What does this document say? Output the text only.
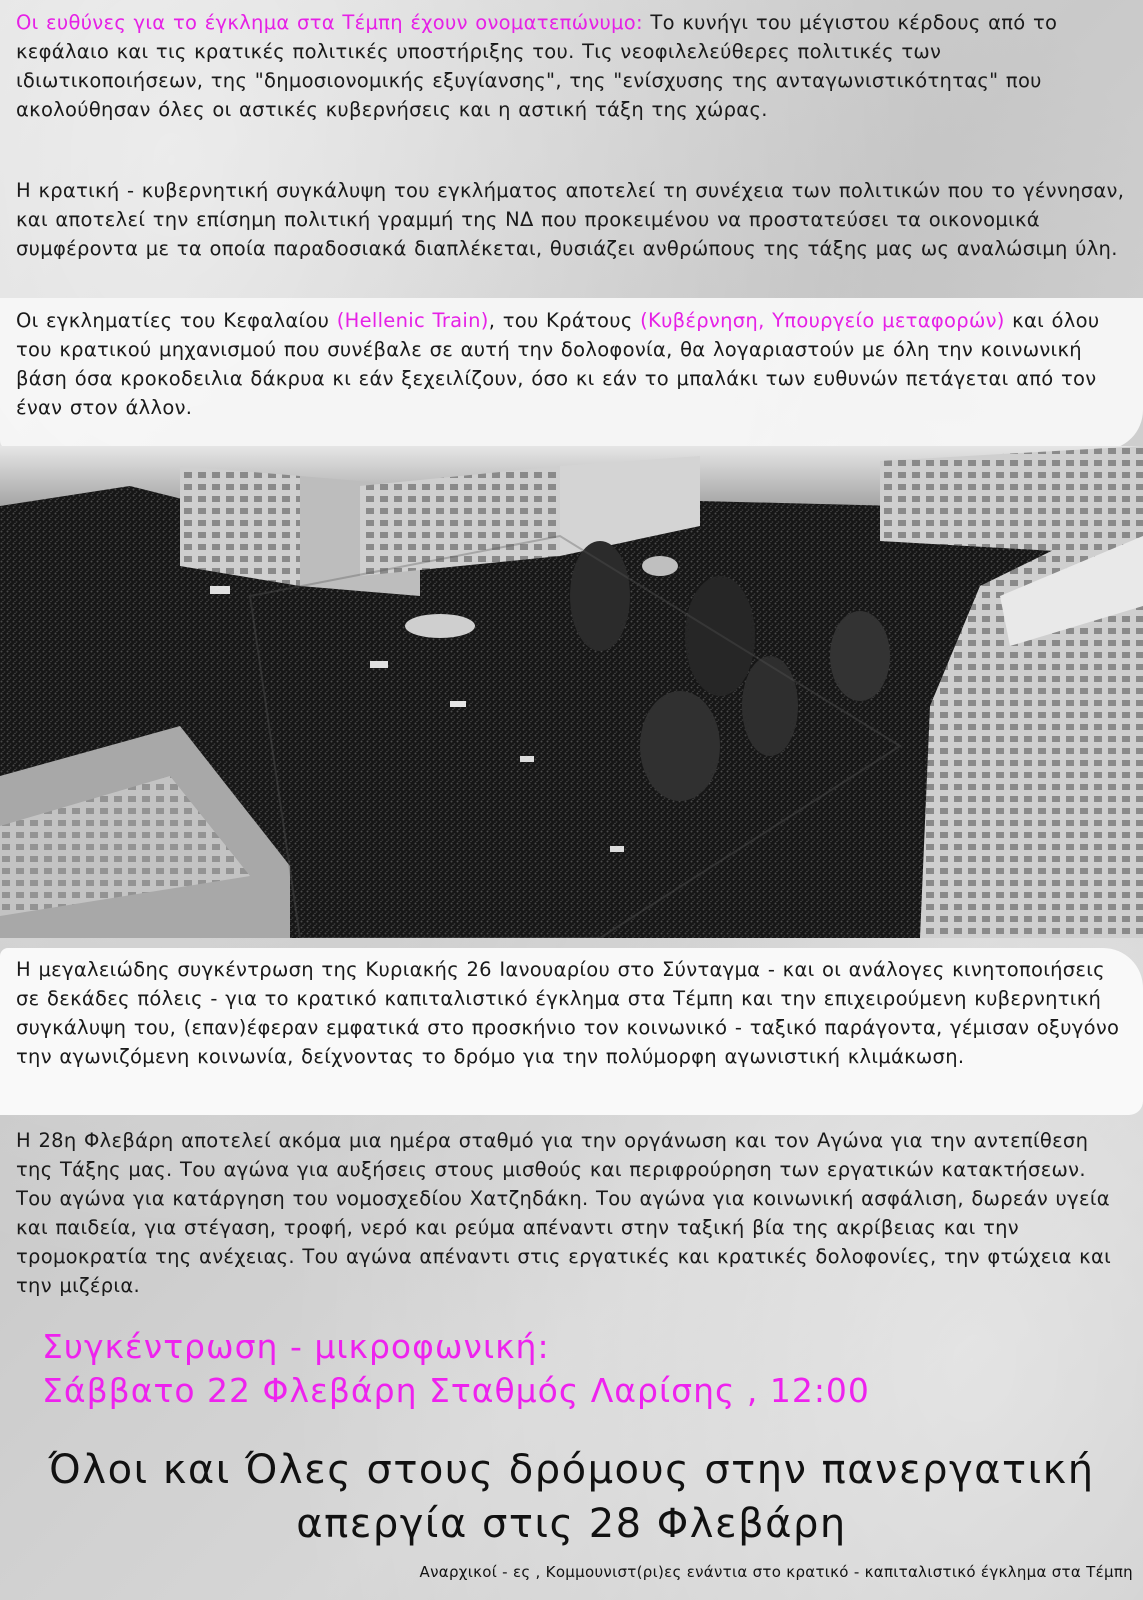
Οι ευθύνες για το έγκλημα στα Τέμπη έχουν ονοματεπώνυμο: Το κυνήγι του μέγιστου κέρδους από το κεφάλαιο και τις κρατικές πολιτικές υποστήριξης του. Τις νεοφιλελεύθερες πολιτικές των ιδιωτικοποιήσεων, της "δημοσιονομικής εξυγίανσης", της "ενίσχυσης της ανταγωνιστικότητας" που ακολούθησαν όλες οι αστικές κυβερνήσεις και η αστική τάξη της χώρας.

Η κρατική - κυβερνητική συγκάλυψη του εγκλήματος αποτελεί τη συνέχεια των πολιτικών που το γέννησαν, και αποτελεί την επίσημη πολιτική γραμμή της ΝΔ που προκειμένου να προστατεύσει τα οικονομικά συμφέροντα με τα οποία παραδοσιακά διαπλέκεται, θυσιάζει ανθρώπους της τάξης μας ως αναλώσιμη ύλη.

Οι εγκληματίες του Κεφαλαίου (Hellenic Train), του Κράτους (Κυβέρνηση, Υπουργείο μεταφορών) και όλου του κρατικού μηχανισμού που συνέβαλε σε αυτή την δολοφονία, θα λογαριαστούν με όλη την κοινωνική βάση όσα κροκοδειλια δάκρυα κι εάν ξεχειλίζουν, όσο κι εάν το μπαλάκι των ευθυνών πετάγεται από τον έναν στον άλλον.

Η μεγαλειώδης συγκέντρωση της Κυριακής 26 Ιανουαρίου στο Σύνταγμα - και οι ανάλογες κινητοποιήσεις σε δεκάδες πόλεις - για το κρατικό καπιταλιστικό έγκλημα στα Τέμπη και την επιχειρούμενη κυβερνητική συγκάλυψη του, (επαν)έφεραν εμφατικά στο προσκήνιο τον κοινωνικό - ταξικό παράγοντα, γέμισαν οξυγόνο την αγωνιζόμενη κοινωνία, δείχνοντας το δρόμο για την πολύμορφη αγωνιστική κλιμάκωση.

Η 28η Φλεβάρη αποτελεί ακόμα μια ημέρα σταθμό για την οργάνωση και τον Αγώνα για την αντεπίθεση της Τάξης μας. Του αγώνα για αυξήσεις στους μισθούς και περιφρούρηση των εργατικών κατακτήσεων. Του αγώνα για κατάργηση του νομοσχεδίου Χατζηδάκη. Του αγώνα για κοινωνική ασφάλιση, δωρεάν υγεία και παιδεία, για στέγαση, τροφή, νερό και ρεύμα απέναντι στην ταξική βία της ακρίβειας και την τρομοκρατία της ανέχειας. Του αγώνα απέναντι στις εργατικές και κρατικές δολοφονίες, την φτώχεια και την μιζέρια.

Συγκέντρωση - μικροφωνική:
Σάββατο 22 Φλεβάρη Σταθμός Λαρίσης , 12:00
Όλοι και Όλες στους δρόμους στην πανεργατική
απεργία στις 28 Φλεβάρη
Αναρχικοί - ες , Κομμουνιστ(ρι)ες ενάντια στο κρατικό - καπιταλιστικό έγκλημα στα Τέμπη
